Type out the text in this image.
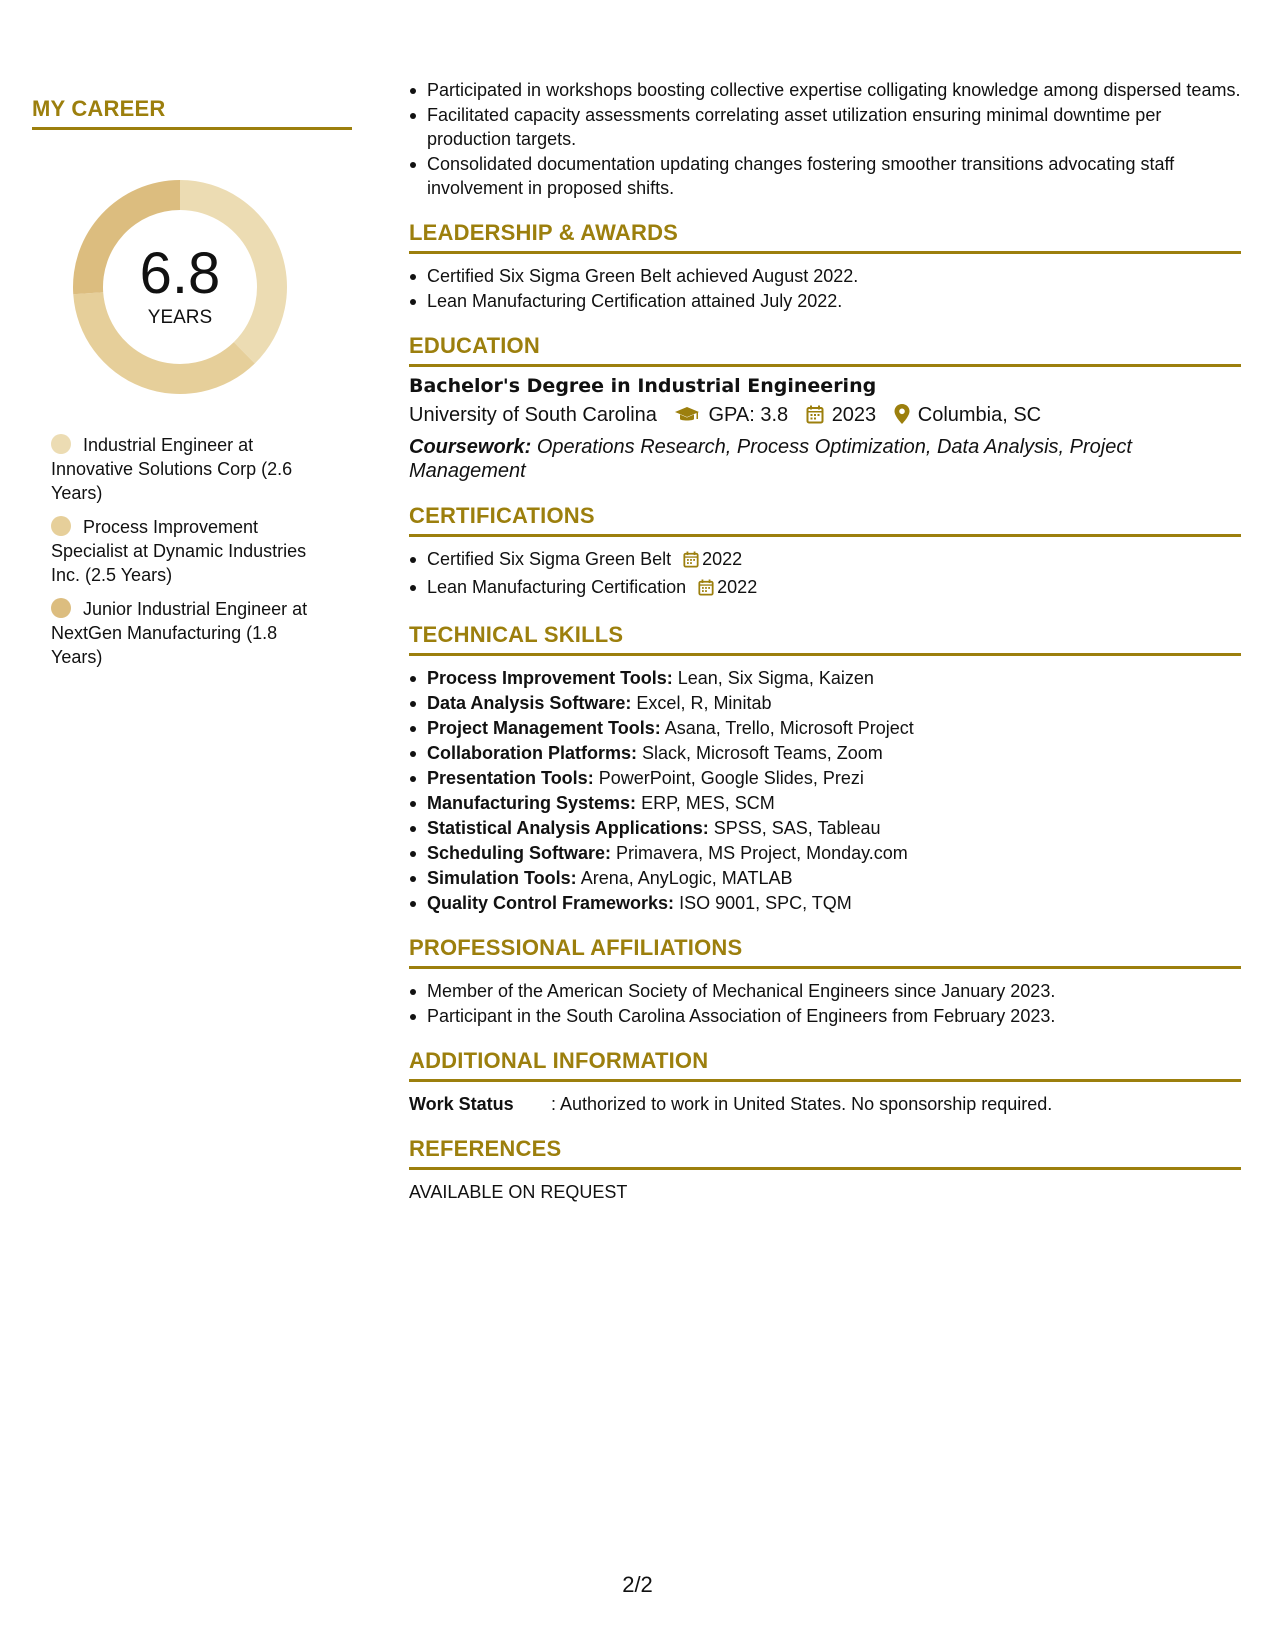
MY CAREER
6.8
YEARS
Industrial Engineer at Innovative Solutions Corp (2.6 Years)
Process Improvement Specialist at Dynamic Industries Inc. (2.5 Years)
Junior Industrial Engineer at NextGen Manufacturing (1.8 Years)
Participated in workshops boosting collective expertise colligating knowledge among dispersed teams.
Facilitated capacity assessments correlating asset utilization ensuring minimal downtime per production targets.
Consolidated documentation updating changes fostering smoother transitions advocating staff involvement in proposed shifts.
LEADERSHIP & AWARDS
Certified Six Sigma Green Belt achieved August 2022.
Lean Manufacturing Certification attained July 2022.
EDUCATION
Bachelor's Degree in Industrial Engineering
University of South Carolina	GPA: 3.8 2023 Columbia, SC
Coursework: Operations Research, Process Optimization, Data Analysis, Project Management
CERTIFICATIONS
Certified Six Sigma Green Belt 2022
Lean Manufacturing Certification 2022
TECHNICAL SKILLS
Process Improvement Tools: Lean, Six Sigma, Kaizen
Data Analysis Software: Excel, R, Minitab
Project Management Tools: Asana, Trello, Microsoft Project
Collaboration Platforms: Slack, Microsoft Teams, Zoom
Presentation Tools: PowerPoint, Google Slides, Prezi
Manufacturing Systems: ERP, MES, SCM
Statistical Analysis Applications: SPSS, SAS, Tableau
Scheduling Software: Primavera, MS Project, Monday.com
Simulation Tools: Arena, AnyLogic, MATLAB
Quality Control Frameworks: ISO 9001, SPC, TQM
PROFESSIONAL AFFILIATIONS
Member of the American Society of Mechanical Engineers since January 2023.
Participant in the South Carolina Association of Engineers from February 2023.
ADDITIONAL INFORMATION
Work Status : Authorized to work in United States. No sponsorship required.
REFERENCES
AVAILABLE ON REQUEST
2/2
